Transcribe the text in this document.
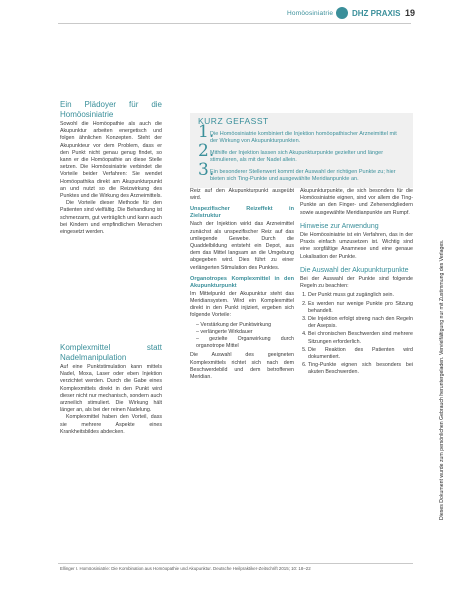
Homöosiniatrie DHZ PRAXIS 19
Ein Plädoyer für die Homöosiniatrie

Sowohl die Homöopathie als auch die Akupunktur arbeiten energetisch und folgen ähnlichen Konzepten. Steht der Akupunkteur vor dem Problem, dass er den Punkt nicht genau genug findet, so kann er die Homöopathie an diese Stelle setzen. Die Homöosiniatrie verbindet die Vorteile beider Verfahren: Sie wendet Homöopathika direkt am Akupunkturpunkt an und nutzt so die Reizwirkung des Punktes und die Wirkung des Arzneimittels.

Die Vorteile dieser Methode für den Patienten sind vielfältig. Die Behandlung ist schmerzarm, gut verträglich und kann auch bei Kindern und empfindlichen Menschen eingesetzt werden.

Komplexmittel statt Nadelmanipulation

Auf eine Punktstimulation kann mittels Nadel, Moxa, Laser oder eben Injektion verzichtet werden. Durch die Gabe eines Komplexmittels direkt in den Punkt wird dieser nicht nur mechanisch, sondern auch arzneilich stimuliert. Die Wirkung hält länger an, als bei der reinen Nadelung.

Komplexmittel haben den Vorteil, dass sie mehrere Aspekte eines Krankheitsbildes abdecken.

KURZ GEFASST
1.
Die Homöosiniatrie kombiniert die Injektion homöopathischer Arzneimittel mit der Wirkung von Akupunkturpunkten.
2.
Mithilfe der Injektion lassen sich Akupunkturpunkte gezielter und länger stimulieren, als mit der Nadel allein.
3.
Ein besonderer Stellenwert kommt der Auswahl der richtigen Punkte zu; hier bieten sich Ting-Punkte und ausgewählte Meridianpunkte an.

Reiz auf den Akupunkturpunkt ausgeübt wird.

Unspezifischer Reizeffekt in Zielstruktur

Nach der Injektion wirkt das Arzneimittel zunächst als unspezifischer Reiz auf das umliegende Gewebe. Durch die Quaddelbildung entsteht ein Depot, aus dem das Mittel langsam an die Umgebung abgegeben wird. Dies führt zu einer verlängerten Stimulation des Punktes.

Organotropes Komplexmittel in den Akupunkturpunkt

Im Mittelpunkt der Akupunktur steht das Meridiansystem. Wird ein Komplexmittel direkt in den Punkt injiziert, ergeben sich folgende Vorteile:

– Verstärkung der Punktwirkung
– verlängerte Wirkdauer
– gezielte Organwirkung durch organotrope Mittel

Die Auswahl des geeigneten Komplexmittels richtet sich nach dem Beschwerdebild und dem betroffenen Meridian.

Akupunkturpunkte, die sich besonders für die Homöosiniatrie eignen, sind vor allem die Ting-Punkte an den Finger- und Zehenendgliedern sowie ausgewählte Meridianpunkte am Rumpf.

Hinweise zur Anwendung

Die Homöosiniatrie ist ein Verfahren, das in der Praxis einfach umzusetzen ist. Wichtig sind eine sorgfältige Anamnese und eine genaue Lokalisation der Punkte.

Die Auswahl der Akupunkturpunkte

Bei der Auswahl der Punkte sind folgende Regeln zu beachten:

1. Der Punkt muss gut zugänglich sein.
2. Es werden nur wenige Punkte pro Sitzung behandelt.
3. Die Injektion erfolgt streng nach den Regeln der Asepsis.
4. Bei chronischen Beschwerden sind mehrere Sitzungen erforderlich.
5. Die Reaktion des Patienten wird dokumentiert.
6. Ting-Punkte eignen sich besonders bei akuten Beschwerden.
Ellinger I. Homöosiniatrie: Die Kombination aus Homöopathie und Akupunktur. Deutsche Heilpraktiker-Zeitschrift 2015; 10: 18–22
Dieses Dokument wurde zum persönlichen Gebrauch heruntergeladen. Vervielfältigung nur mit Zustimmung des Verlages.
